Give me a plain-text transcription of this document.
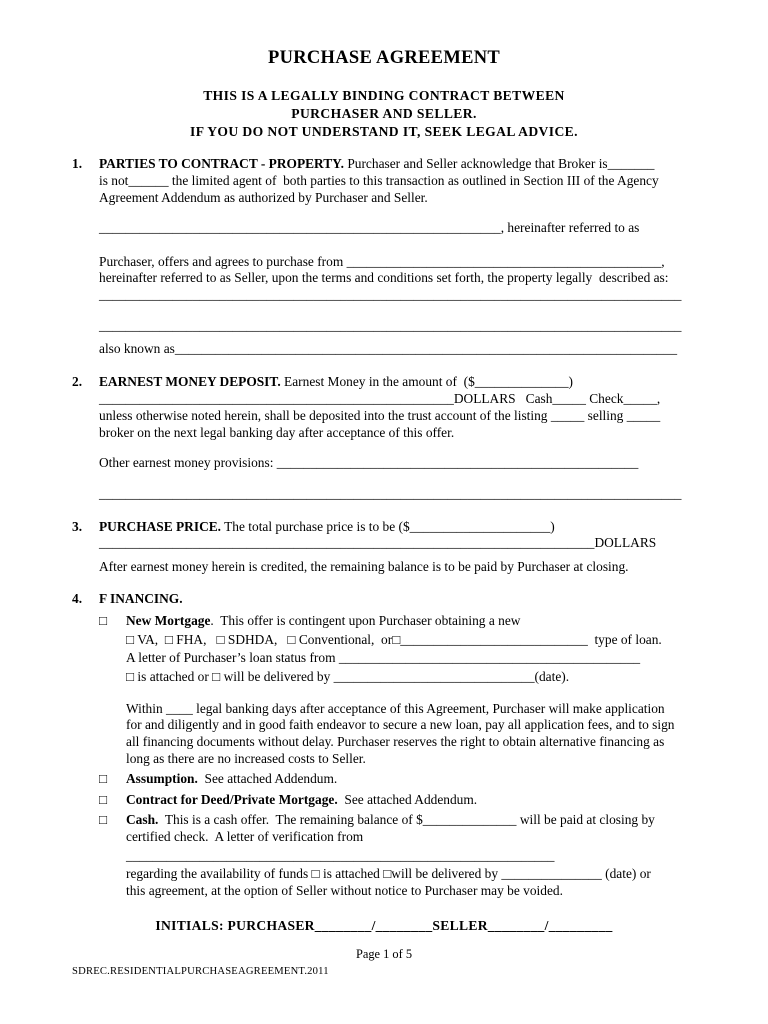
PURCHASE AGREEMENT
THIS IS A LEGALLY BINDING CONTRACT BETWEEN
PURCHASER AND SELLER.
IF YOU DO NOT UNDERSTAND IT, SEEK LEGAL ADVICE.
1. PARTIES TO CONTRACT - PROPERTY. Purchaser and Seller acknowledge that Broker is_______
is not______ the limited agent of  both parties to this transaction as outlined in Section III of the Agency
Agreement Addendum as authorized by Purchaser and Seller.
____________________________________________________________, hereinafter referred to as
Purchaser, offers and agrees to purchase from _______________________________________________,
hereinafter referred to as Seller, upon the terms and conditions set forth, the property legally  described as:
_______________________________________________________________________________________
_______________________________________________________________________________________
also known as___________________________________________________________________________
2. EARNEST MONEY DEPOSIT. Earnest Money in the amount of  ($______________)
_____________________________________________________DOLLARS   Cash_____ Check_____,
unless otherwise noted herein, shall be deposited into the trust account of the listing _____ selling _____
broker on the next legal banking day after acceptance of this offer.
Other earnest money provisions: ______________________________________________________
_______________________________________________________________________________________
3. PURCHASE PRICE. The total purchase price is to be ($_____________________)
__________________________________________________________________________DOLLARS
After earnest money herein is credited, the remaining balance is to be paid by Purchaser at closing.
4. F INANCING.
□ New Mortgage.  This offer is contingent upon Purchaser obtaining a new
□ VA,  □ FHA,   □ SDHDA,   □ Conventional,  or□____________________________  type of loan.
A letter of Purchaser’s loan status from _____________________________________________
□ is attached or □ will be delivered by ______________________________(date).
Within ____ legal banking days after acceptance of this Agreement, Purchaser will make application
for and diligently and in good faith endeavor to secure a new loan, pay all application fees, and to sign
all financing documents without delay. Purchaser reserves the right to obtain alternative financing as
long as there are no increased costs to Seller.
□ Assumption.  See attached Addendum.
□ Contract for Deed/Private Mortgage.  See attached Addendum.
□ Cash.  This is a cash offer.  The remaining balance of $______________ will be paid at closing by
certified check.  A letter of verification from
________________________________________________________________
regarding the availability of funds □ is attached □will be delivered by _______________ (date) or
this agreement, at the option of Seller without notice to Purchaser may be voided.
INITIALS: PURCHASER________/________SELLER________/_________
Page 1 of 5
SDREC.RESIDENTIALPURCHASEAGREEMENT.2011
